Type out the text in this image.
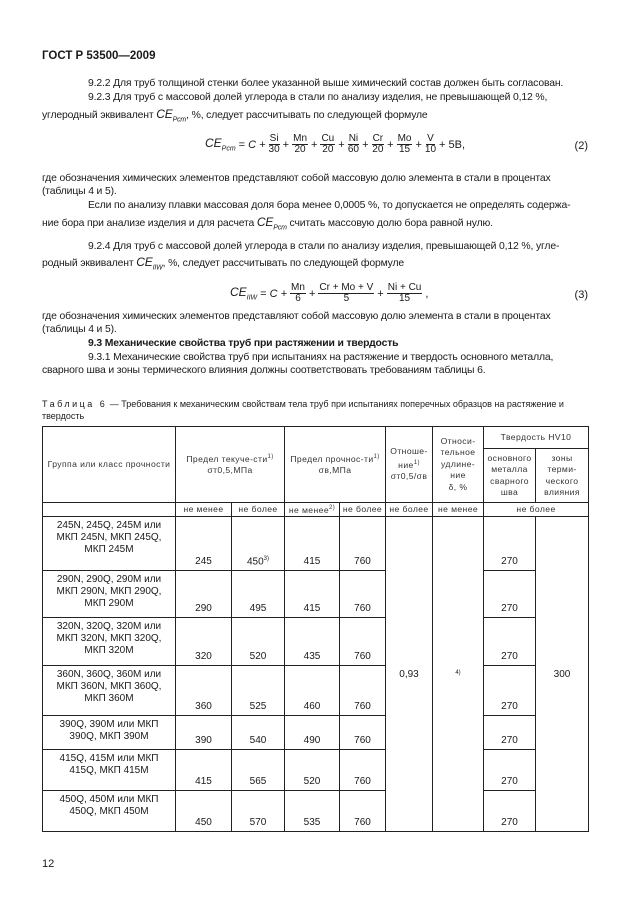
ГОСТ Р 53500—2009
9.2.2 Для труб толщиной стенки более указанной выше химический состав должен быть согласован.
9.2.3 Для труб с массовой долей углерода в стали по анализу изделия, не превышающей 0,12 %,
углеродный эквивалент $CE_{Pcm}$, %, следует рассчитывать по следующей формуле
$CE_{Pcm} = C + \frac{Si}{30} + \frac{Mn}{20} + \frac{Cu}{20} + \frac{Ni}{60} + \frac{Cr}{20} + \frac{Mo}{15} + \frac{V}{10} + 5B$,	(2)
где обозначения химических элементов представляют собой массовую долю элемента в стали в процентах (таблицы 4 и 5).
Если по анализу плавки массовая доля бора менее 0,0005 %, то допускается не определять содержа-
ние бора при анализе изделия и для расчета $CE_{Pcm}$ считать массовую долю бора равной нулю.
9.2.4 Для труб с массовой долей углерода в стали по анализу изделия, превышающей 0,12 %, угле-
родный эквивалент $CE_{IIW}$, %, следует рассчитывать по следующей формуле
$CE_{IIW} = C + \frac{Mn}{6} + \frac{Cr + Mo + V}{5} + \frac{Ni + Cu}{15}$ ,	(3)
где обозначения химических элементов представляют собой массовую долю элемента в стали в процентах (таблицы 4 и 5).
9.3 Механические свойства труб при растяжении и твердость
9.3.1 Механические свойства труб при испытаниях на растяжение и твердость основного металла, сварного шва и зоны термического влияния должны соответствовать требованиям таблицы 6.
Таблица 6 — Требования к механическим свойствам тела труб при испытаниях поперечных образцов на растяжение и твердость
Группа или класс прочности	Предел текуче-сти$^{1)}$
σт0,5,МПа		Предел прочнос-$ти^{1)}$ σв,МПа		Отноше-ние$^{1)}$
σт0,5/σв	Относи-тельное удлине-ние
δ, %	Твердость HV10	
							основного металла сварного шва	зоны терми-ческого влияния
	не менее	не более	не менее$^{2)}$	не более	не более	не менее	не более	
245N, 245Q, 245M или МКП 245N, МКП 245Q, МКП 245М	245	450$^{3)}$	415	760	0,93	$^{4)}$	270	300
290N, 290Q, 290M или МКП 290N, МКП 290Q, МКП 290М	290	495	415	760			270	
320N, 320Q, 320M или МКП 320N, МКП 320Q, МКП 320М	320	520	435	760			270	
360N, 360Q, 360M или МКП 360N, МКП 360Q, МКП 360М	360	525	460	760			270	
390Q, 390M или МКП 390Q, МКП 390М	390	540	490	760			270	
415Q, 415M или МКП 415Q, МКП 415М	415	565	520	760			270	
450Q, 450M или МКП 450Q, МКП 450М	450	570	535	760			270	
12
